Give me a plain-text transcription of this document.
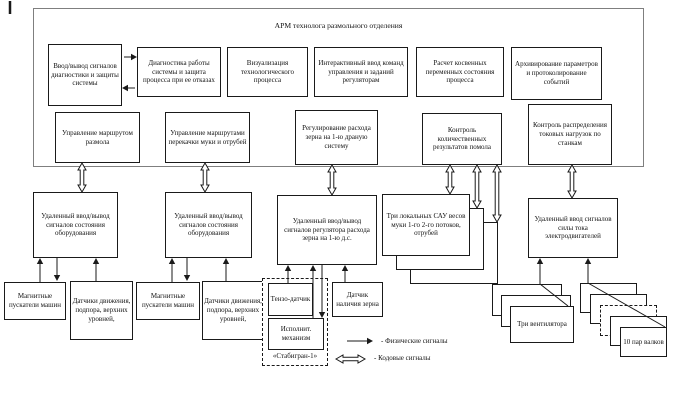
АРМ технолога размольного отделения
Ввод/вывод сигналов диагностики и защиты системы
Диагностика работы системы и защита процесса при ее отказах
Визуализация технологического процесса
Интерактивный ввод команд управления и заданий регуляторам
Расчет косвенных переменных состояния процесса
Архивирование параметров и протоколирование событий
Управление маршрутом размола
Управление маршрутами перекачки муки и отрубей
Регулирование расхода зерна на 1-ю драную систему
Контроль количественных результатов помола
Контроль распределения токовых нагрузок по станкам
Удаленный ввод/вывод сигналов состояния оборудования
Удаленный ввод/вывод сигналов состояния оборудования
Удаленный ввод/вывод сигналов регулятора расхода зерна на 1-ю д.с.
Три локальных САУ весов муки 1-го 2-го потоков, отрубей
Удаленный ввод сигналов силы тока электродвигателей
Магнитные пускатели машин	Датчики движения, подпора, верхних уровней,
Магнитные пускатели машин	Датчики движения, подпора, верхних уровней,
Тензо-датчик
Исполнит. механизм
«Стабигран-1»
Датчик наличия зерна
Три вентилятора
10 пар валков
- Физические сигналы
- Кодовые сигналы
